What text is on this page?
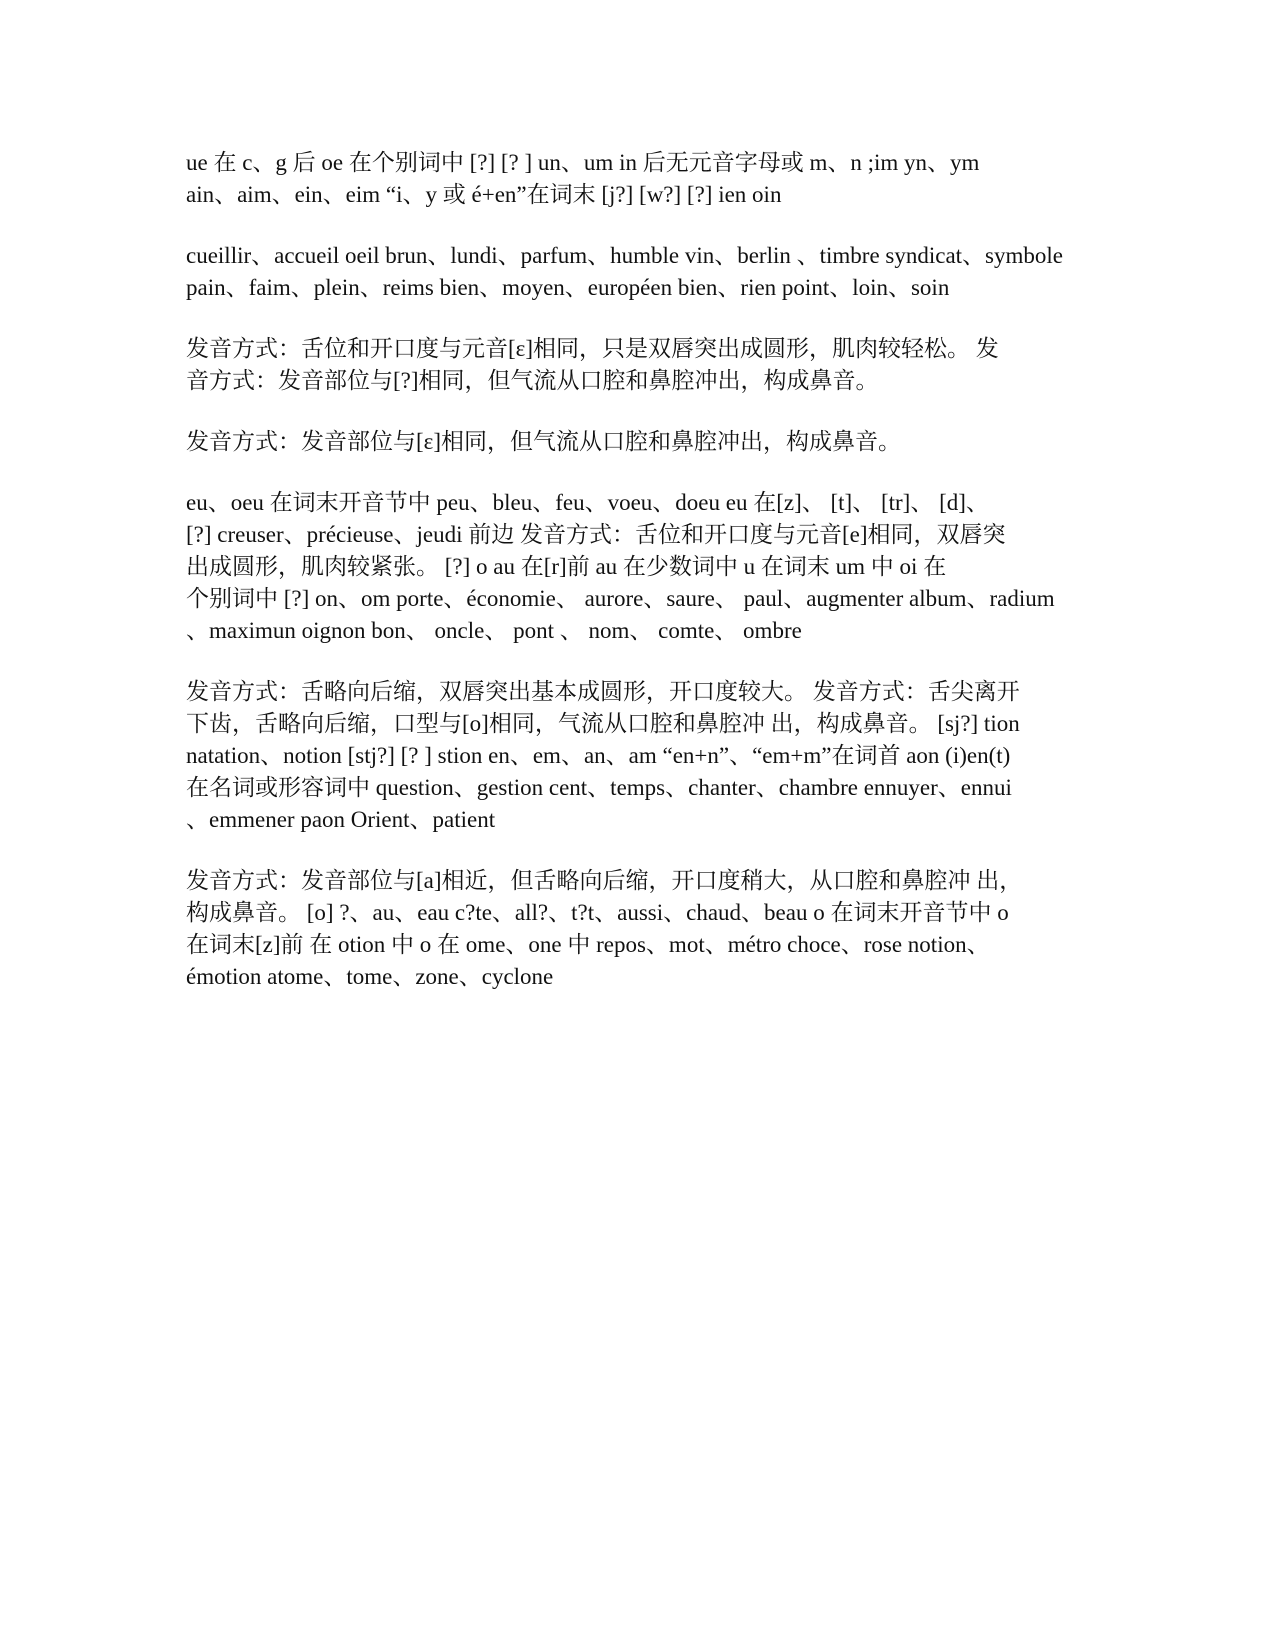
ue 在 c、g 后 oe 在个别词中 [?] [? ] un、um in 后无元音字母或 m、n ;im yn、ym
ain、aim、ein、eim “i、y 或 é+en”在词末 [j?] [w?] [?] ien oin

cueillir、accueil oeil brun、lundi、parfum、humble vin、berlin 、timbre syndicat、symbole
pain、faim、plein、reims bien、moyen、européen bien、rien point、loin、soin

发音方式：舌位和开口度与元音[ε]相同，只是双唇突出成圆形，肌肉较轻松。 发
音方式：发音部位与[?]相同，但气流从口腔和鼻腔冲出，构成鼻音。

发音方式：发音部位与[ε]相同，但气流从口腔和鼻腔冲出，构成鼻音。

eu、oeu 在词末开音节中 peu、bleu、feu、voeu、doeu eu 在[z]、 [t]、 [tr]、 [d]、
[?] creuser、précieuse、jeudi 前边 发音方式：舌位和开口度与元音[e]相同，双唇突
出成圆形，肌肉较紧张。 [?] o au 在[r]前 au 在少数词中 u 在词末 um 中 oi 在
个别词中 [?] on、om porte、économie、 aurore、saure、 paul、augmenter album、radium
、maximun oignon bon、 oncle、 pont 、 nom、 comte、 ombre

发音方式：舌略向后缩，双唇突出基本成圆形，开口度较大。 发音方式：舌尖离开
下齿，舌略向后缩，口型与[o]相同，气流从口腔和鼻腔冲 出，构成鼻音。 [sj?] tion
natation、notion [stj?] [? ] stion en、em、an、am “en+n”、“em+m”在词首 aon (i)en(t)
在名词或形容词中 question、gestion cent、temps、chanter、chambre ennuyer、ennui
、emmener paon Orient、patient

发音方式：发音部位与[a]相近，但舌略向后缩，开口度稍大，从口腔和鼻腔冲 出，
构成鼻音。 [o] ?、au、eau c?te、all?、t?t、aussi、chaud、beau o 在词末开音节中 o
在词末[z]前 在 otion 中 o 在 ome、one 中 repos、mot、métro choce、rose notion、
émotion atome、tome、zone、cyclone
